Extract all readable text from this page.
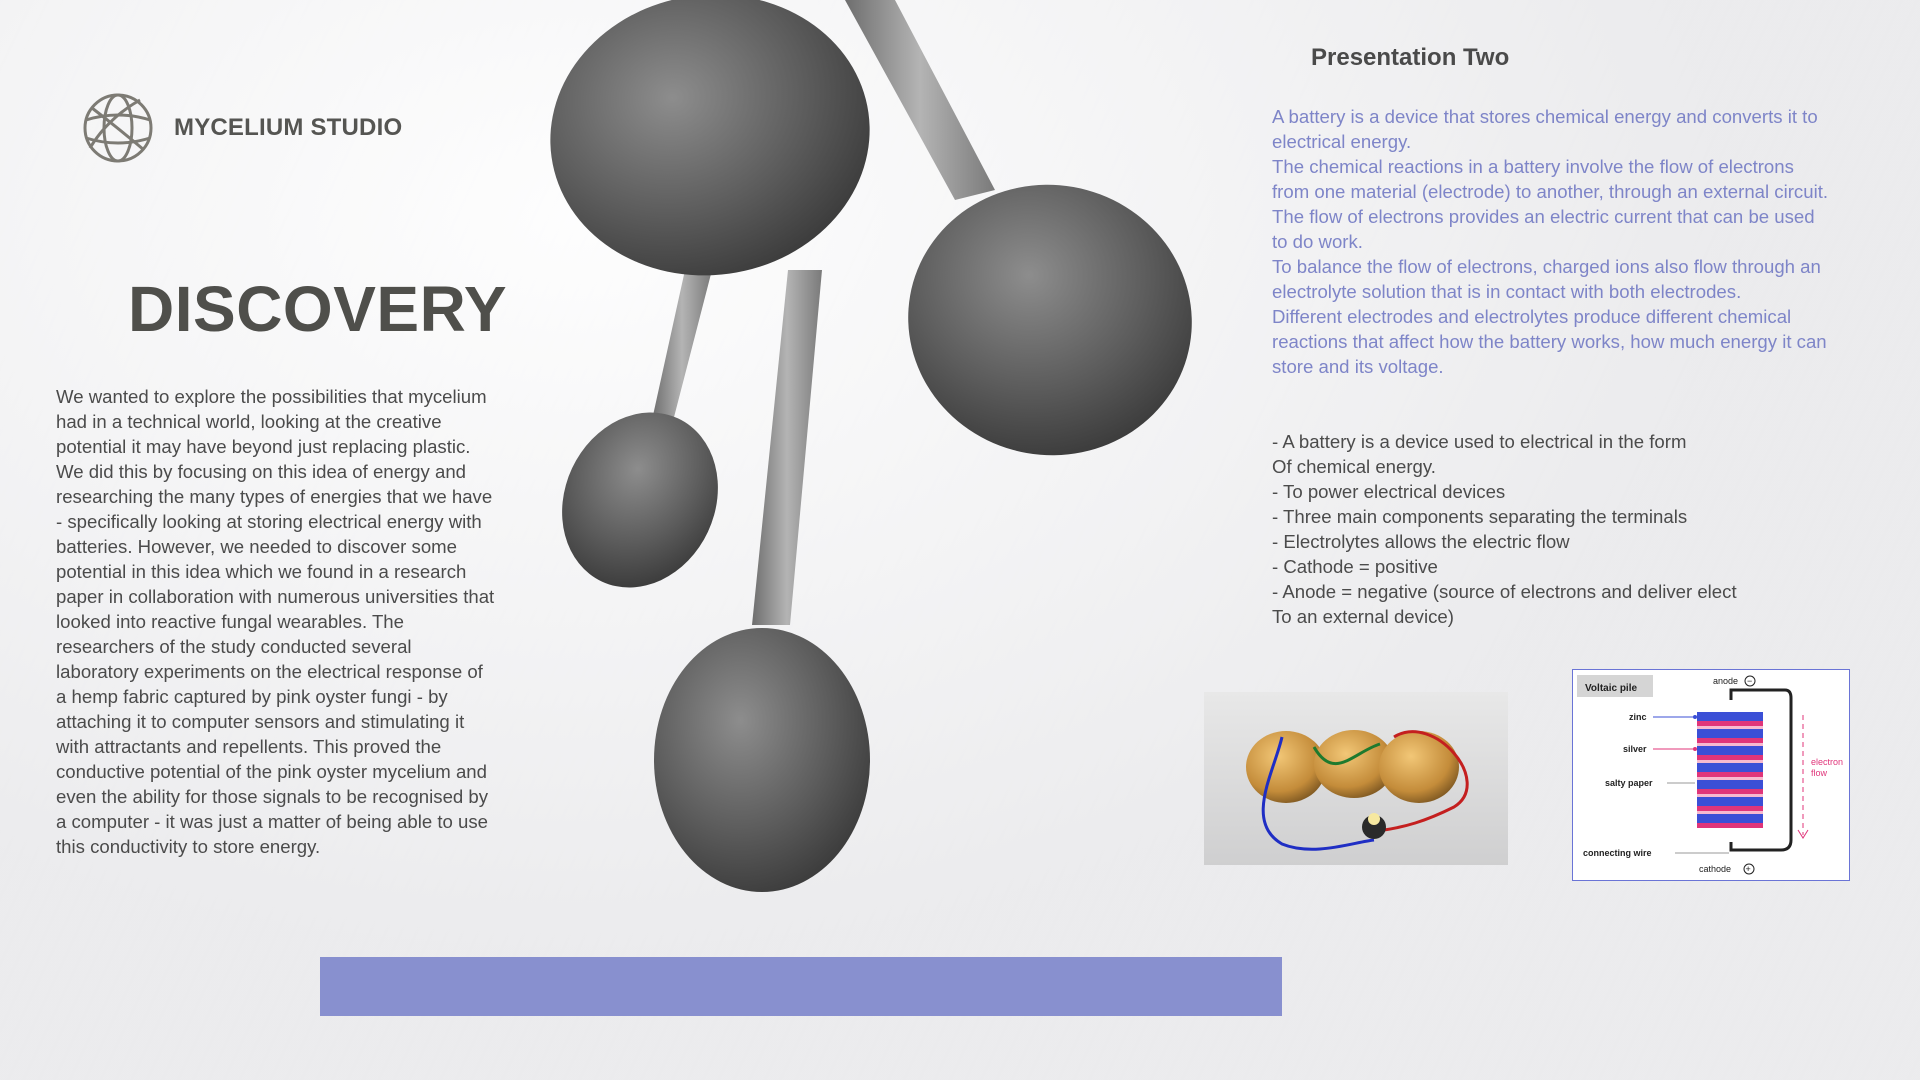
MYCELIUM STUDIO
DISCOVERY

We wanted to explore the possibilities that mycelium had in a technical world, looking at the creative potential it may have beyond just replacing plastic. We did this by focusing on this idea of energy and researching the many types of energies that we have - specifically looking at storing electrical energy with batteries. However, we needed to discover some potential in this idea which we found in a research paper in collaboration with numerous universities that looked into reactive fungal wearables. The researchers of the study conducted several laboratory experiments on the electrical response of a hemp fabric captured by pink oyster fungi - by attaching it to computer sensors and stimulating it with attractants and repellents. This proved the conductive potential of the pink oyster mycelium and even the ability for those signals to be recognised by a computer - it was just a matter of being able to use this conductivity to store energy.

Presentation Two
A battery is a device that stores chemical energy and converts it to electrical energy.
The chemical reactions in a battery involve the flow of electrons from one material (electrode) to another, through an external circuit.
The flow of electrons provides an electric current that can be used to do work.
To balance the flow of electrons, charged ions also flow through an electrolyte solution that is in contact with both electrodes.
Different electrodes and electrolytes produce different chemical reactions that affect how the battery works, how much energy it can store and its voltage.
- A battery is a device used to electrical in the form
Of chemical energy.
- To power electrical devices
- Three main components separating the terminals
- Electrolytes allows the electric flow
- Cathode = positive
- Anode = negative (source of electrons and deliver elect
To an external device)
Voltaic pile
anode −
zinc
silver
salty paper
connecting wire
electron
flow
cathode +
